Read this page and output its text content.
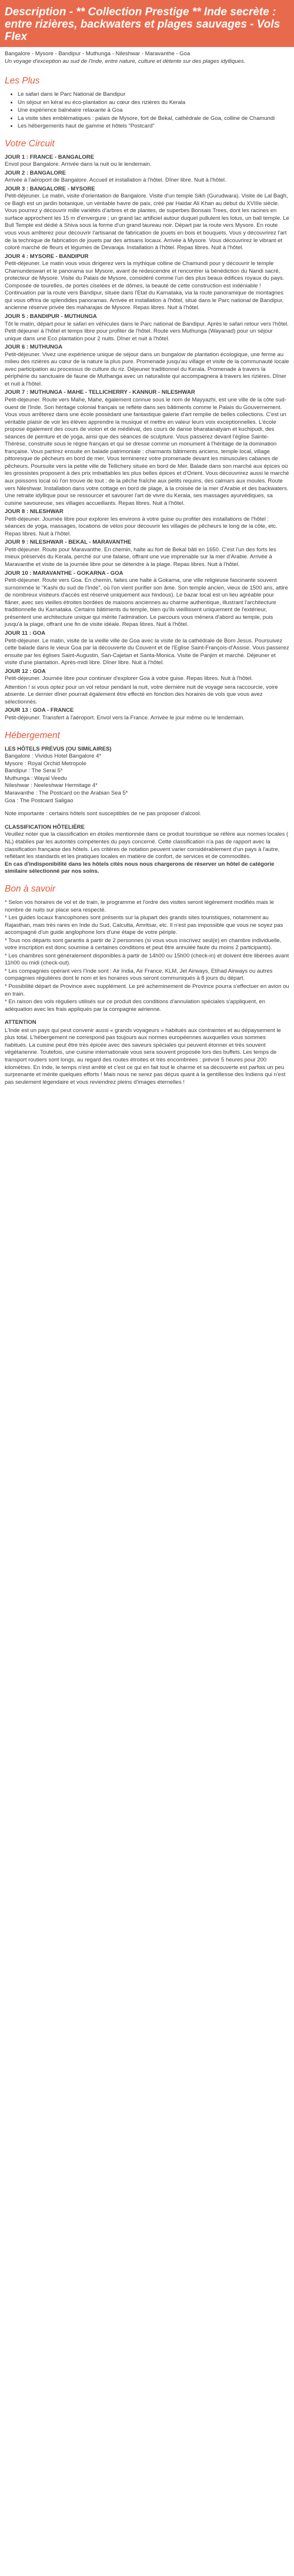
Description - ** Collection Prestige ** Inde secrète : entre rizières, backwaters et plages sauvages - Vols Flex

Bangalore - Mysore - Bandipur - Muthunga - Nileshwar - Maravanthe - Goa

Un voyage d'exception au sud de l'Inde, entre nature, culture et détente sur des plages idylliques.

Les Plus
• Le safari dans le Parc National de Bandipur
• Un séjour en kéral eu éco-plantation au cœur des rizières du Kerala
• Une expérience balnéaire relaxante à Goa
• La visite sites emblématiques : palais de Mysore, fort de Bekal, cathédrale de Goa, colline de Chamundi
• Les hébergements haut de gamme et hôtels "Postcard"
Votre Circuit
JOUR 1 : FRANCE - BANGALORE

Envol pour Bangalore. Arrivée dans la nuit ou le lendemain.

JOUR 2 : BANGALORE

Arrivée à l'aéroport de Bangalore. Accueil et installation à l'hôtel. Dîner libre. Nuit à l'hôtel.

JOUR 3 : BANGALORE - MYSORE

Petit-déjeuner. Le matin, visite d'orientation de Bangalore. Visite d'un temple Sikh (Gurudwara). Visite de Lal Bagh, ce Bagh est un jardin botanique, un véritable havre de paix, créé par Haidar Ali Khan au début du XVIIIe siècle. Vous pourrez y découvrir mille variétés d'arbres et de plantes, de superbes Bonsais Trees, dont les racines en surface approchent les 15 m d'envergure ; un grand lac artificiel autour duquel pullulent les lotus, un ball temple. Le Bull Temple est dédié à Shiva sous la forme d'un grand taureau noir. Départ par la route vers Mysore. En route vous vous arrêterez pour découvrir l'artisanat de fabrication de jouets en bois et bouquets. Vous y découvrirez l'art de la technique de fabrication de jouets par des artisans locaux. Arrivée à Mysore. Vous découvrirez le vibrant et coloré marché de fleurs et légumes de Devaraja. Installation à l'hôtel. Repas libres. Nuit à l'hôtel.

JOUR 4 : MYSORE - BANDIPUR

Petit-déjeuner. Le matin vous vous dirigerez vers la mythique colline de Chamundi pour y découvrir le temple Chamundeswari et le panorama sur Mysore, avant de redescendre et rencontrer la bénédiction du Nandi sacré, protecteur de Mysore. Visite du Palais de Mysore, considéré comme l'un des plus beaux édifices royaux du pays. Composée de tourelles, de portes ciselées et de dômes, la beauté de cette construction est indéniable ! Continuation par la route vers Bandipur, située dans l'Etat du Karnataka, via la route panoramique de montagnes qui vous offrira de splendides panoramas. Arrivée et installation à l'hôtel, situé dans le Parc national de Bandipur, ancienne réserve privée des maharajas de Mysore. Repas libres. Nuit à l'hôtel.

JOUR 5 : BANDIPUR - MUTHUNGA

Tôt le matin, départ pour le safari en véhicules dans le Parc national de Bandipur. Après le safari retour vers l'hôtel. Petit déjeuner à l'hôtel et temps libre pour profiter de l'hôtel. Route vers Muthunga (Wayanad) pour un séjour unique dans une Eco plantation pour 2 nuits. Dîner et nuit à l'hôtel.

JOUR 6 : MUTHUNGA

Petit-déjeuner. Vivez une expérience unique de séjour dans un bungalow de plantation écologique, une ferme au milieu des rizières au cœur de la nature la plus pure. Promenade jusqu'au village et visite de la communauté locale avec participation au processus de culture du riz. Déjeuner traditionnel du Kerala. Promenade à travers la périphérie du sanctuaire de faune de Muthanga avec un naturaliste qui accompagnera à travers les rizières. Dîner et nuit à l'hôtel.

JOUR 7 : MUTHUNGA - MAHE - TELLICHERRY - KANNUR - NILESHWAR

Petit-déjeuner. Route vers Mahe, Mahe, également connue sous le nom de Mayyazhi, est une ville de la côte sud-ouest de l'Inde. Son héritage colonial français se reflète dans ses bâtiments comme le Palais du Gouvernement. Vous vous arrêterez dans une école possédant une fantastique galerie d'art remplie de belles collections. C'est un véritable plaisir de voir les élèves apprendre la musique et mettre en valeur leurs voix exceptionnelles. L'école propose également des cours de violon et de médiéval, des cours de danse bharatanatyam et kuchipudi, des séances de peinture et de yoga, ainsi que des séances de sculpture. Vous passerez devant l'église Sainte-Thérèse, construite sous le règne français et qui se dresse comme un monument à l'héritage de la domination française. Vous partirez ensuite en balade patrimoniale : charmants bâtiments anciens, temple local, village pittoresque de pêcheurs en bord de mer. Vous terminerez votre promenade devant les minuscules cabanes de pêcheurs. Poursuite vers la petite ville de Tellichery située en bord de Mer. Balade dans son marché aux épices où les grossistes proposent à des prix imbattables les plus belles épices et d'Orient. Vous découvrirez aussi le marché aux poissons local où l'on trouve de tout : de la pêche fraîche aux petits requins, des calmars aux moules. Route vers Nileshwar. Installation dans votre cottage en bord de plage, à la croisée de la mer d'Arabie et des backwaters. Une retraite idyllique pour se ressourcer et savourer l'art de vivre du Kerala, ses massages ayurvédiques, sa cuisine savoureuse, ses villages accueillants. Repas libres. Nuit à l'hôtel.

JOUR 8 : NILESHWAR

Petit-déjeuner. Journée libre pour explorer les environs à votre guise ou profiter des installations de l'hôtel : séances de yoga, massages, locations de vélos pour découvrir les villages de pêcheurs le long de la côte, etc. Repas libres. Nuit à l'hôtel.

JOUR 9 : NILESHWAR - BEKAL - MARAVANTHE

Petit-déjeuner. Route pour Maravanthe. En chemin, halte au fort de Bekal bâti en 1650. C'est l'un des forts les mieux préservés du Kerala, perché sur une falaise, offrant une vue imprenable sur la mer d'Arabie. Arrivée à Maravanthe et visite de la journée libre pour se détendre à la plage. Repas libres. Nuit à l'hôtel.

JOUR 10 : MARAVANTHE - GOKARNA - GOA

Petit-déjeuner. Route vers Goa. En chemin, faites une halte à Gokarna, une ville religieuse fascinante souvent surnommée le "Kashi du sud de l'Inde", où l'on vient purifier son âme. Son temple ancien, vieux de 1500 ans, attire de nombreux visiteurs d'accès est réservé uniquement aux hindous). Le bazar local est un lieu agréable pour flâner, avec ses vieilles étroites bordées de maisons anciennes au charme authentique, illustrant l'architecture traditionnelle du Karnataka. Certains bâtiments du temple, bien qu'ils vieillissent uniquement de l'extérieur, présentent une architecture unique qui mérite l'admiration. Le parcours vous mènera d'abord au temple, puis jusqu'à la plage, offrant une fin de visite idéale. Repas libres. Nuit à l'hôtel.

JOUR 11 : GOA

Petit-déjeuner. Le matin, visite de la vieille ville de Goa avec la visite de la cathédrale de Bom Jesus. Poursuivez cette balade dans le vieux Goa par la découverte du Couvent et de l'Eglise Saint-François-d'Assise. Vous passerez ensuite par les églises Saint-Augustin, San-Cajetan et Santa-Monica. Visite de Panjim et marché. Déjeuner et visite d'une plantation. Après-midi libre. Dîner libre. Nuit à l'hôtel.

JOUR 12 : GOA

Petit-déjeuner. Journée libre pour continuer d'explorer Goa à votre guise. Repas libres. Nuit à l'hôtel.

Attention ! si vous optez pour un vol retour pendant la nuit, votre dernière nuit de voyage sera raccourcie, voire absente. Le dernier dîner pourrait également être effecté en fonction des horaires de vols que vous avez sélectionnés.

JOUR 13 : GOA - FRANCE

Petit-déjeuner. Transfert à l'aéroport. Envol vers la France. Arrivée le jour même ou le lendemain.

Hébergement

LES HÔTELS PRÉVUS (OU SIMILAIRES)

Bangalore : Vividus Hotel Bangalore 4*

Mysore : Royal Orchid Metropole

Bandipur : The Serai 5*

Muthunga : Wayal Veedu

Nileshwar : Neeleshwar Hermitage 4*

Maravanthe : The Postcard on the Arabian Sea 5*

Goa : The Postcard Saligao

Note importante : certains hôtels sont susceptibles de ne pas proposer d'alcool.

CLASSIFICATION HÔTELIÈRE

Veuillez noter que la classification en étoiles mentionnée dans ce produit touristique se réfère aux normes locales ( NL) établies par les autorités compétentes du pays concerné. Cette classification n'a pas de rapport avec la classification française des hôtels. Les critères de notation peuvent varier considérablement d'un pays à l'autre, reflétant les standards et les pratiques locales en matière de confort, de services et de commodités.

En cas d'indisponibilité dans les hôtels cités nous nous chargerons de réserver un hôtel de catégorie similaire sélectionné par nos soins.

Bon à savoir

* Selon vos horaires de vol et de train, le programme et l'ordre des visites seront légèrement modifiés mais le nombre de nuits sur place sera respecté.

* Les guides locaux francophones sont présents sur la plupart des grands sites touristiques, notamment au Rajasthan, mais très rares en Inde du Sud, Calcutta, Amritsar, etc. Il n'est pas impossible que vous ne soyez pas accompagné d'un guide anglophone lors d'une étape de votre périple.

* Tous nos départs sont garantis à partir de 2 personnes (si vous vous inscrivez seul(e) en chambre individuelle, votre inscription est donc soumise à certaines conditions et peut être annulée faute du moins 2 participants).

* Les chambres sont généralement disponibles à partir de 14h00 ou 15h00 (check-in) et doivent être libérées avant 11h00 ou midi (check-out).

* Les compagnies opérant vers l'Inde sont : Air India, Air France, KLM, Jet Airways, Etihad Airways ou autres compagnies régulières dont le nom et les horaires vous seront communiqués à 8 jours du départ.

* Possibilité départ de Province avec supplément. Le pré acheminement de Province pourra s'effectuer en avion ou en train.

* En raison des vols réguliers utilisés sur ce produit des conditions d'annulation spéciales s'appliquent, en adéquation avec les frais appliqués par la compagnie aérienne.

ATTENTION

L'Inde est un pays qui peut convenir aussi « grands voyageurs » habitués aux contraintes et au dépaysement le plus total. L'hébergement ne correspond pas toujours aux normes européennes auxquelles vous sommes habitués. La cuisine peut être très épicée avec des saveurs spéciales qui peuvent étonner et très souvent végétarienne. Toutefois, une cuisine internationale vous sera souvent proposée lors des buffets. Les temps de transport routiers sont longs, au regard des routes étroites et très encombrées : prévoir 5 heures pour 200 kilomètres. En Inde, le temps n'est arrêté et c'est ce qui en fait tout le charme et sa découverte est parfois un peu surprenante et mérite quelques efforts ! Mais nous ne serez pas déçus quant à la gentillesse des Indiens qui n'est pas seulement légendaire et vous reviendrez pleins d'images éternelles !
